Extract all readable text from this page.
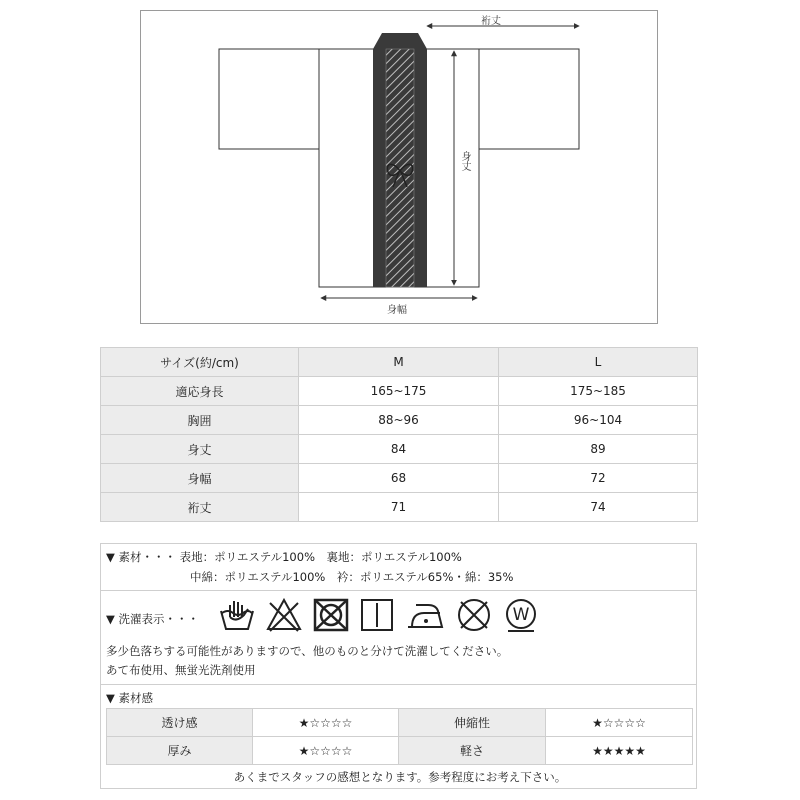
裄丈
身丈
身幅
サイズ(約/cm)	M	L
適応身長	165~175	175~185
胸囲	88~96	96~104
身丈	84	89
身幅	68	72
裄丈	71	74
▼ 素材・・・ 表地：ポリエステル100%　裏地：ポリエステル100%
中綿：ポリエステル100%　衿：ポリエステル65%・綿：35%
▼ 洗濯表示・・・
多少色落ちする可能性がありますので、他のものと分けて洗濯してください。
あて布使用、無蛍光洗剤使用
▼ 素材感
W
透け感	★☆☆☆☆	伸縮性	★☆☆☆☆
厚み	★☆☆☆☆	軽さ	★★★★★
あくまでスタッフの感想となります。参考程度にお考え下さい。
